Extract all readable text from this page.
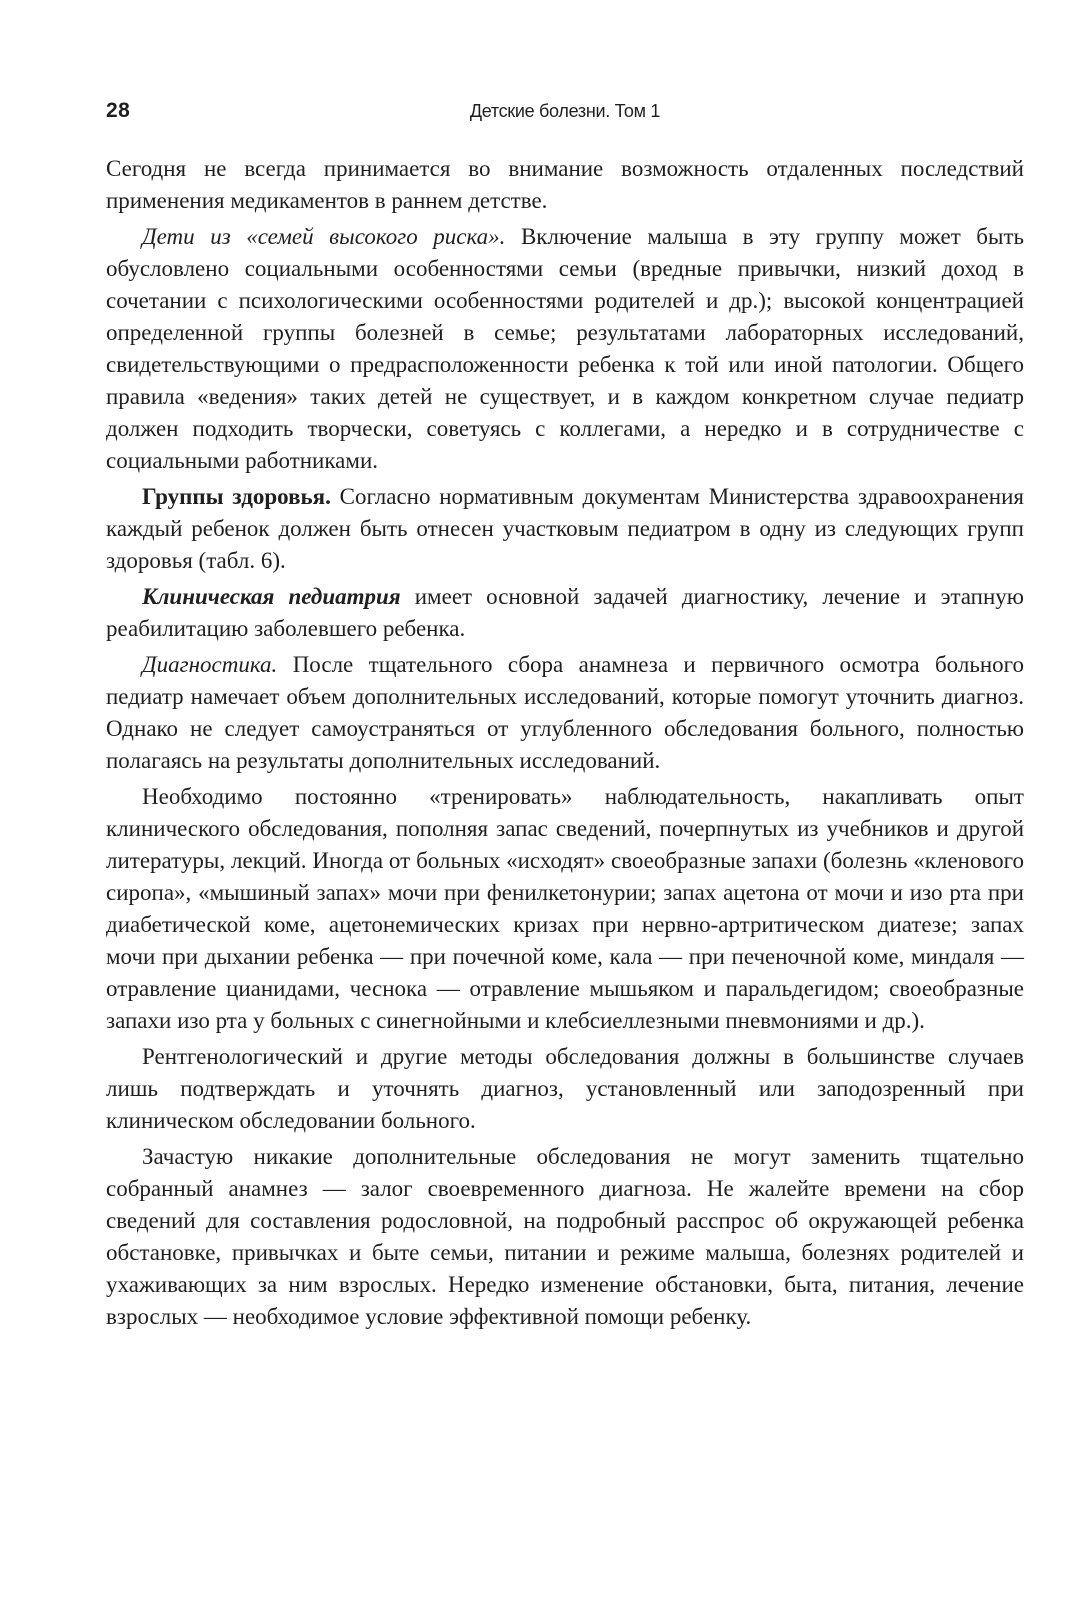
28	Детские болезни. Том 1

Сегодня не всегда принимается во внимание возможность отдаленных последствий применения медикаментов в раннем детстве.

Дети из «семей высокого риска». Включение малыша в эту группу может быть обусловлено социальными особенностями семьи (вредные привычки, низкий доход в сочетании с психологическими особенностями родителей и др.); высокой концентрацией определенной группы болезней в семье; результатами лабораторных исследований, свидетельствующими о предрасположенности ребенка к той или иной патологии. Общего правила «ведения» таких детей не существует, и в каждом конкретном случае педиатр должен подходить творчески, советуясь с коллегами, а нередко и в сотрудничестве с социальными работниками.

Группы здоровья. Согласно нормативным документам Министерства здравоохранения каждый ребенок должен быть отнесен участковым педиатром в одну из следующих групп здоровья (табл. 6).

Клиническая педиатрия имеет основной задачей диагностику, лечение и этапную реабилитацию заболевшего ребенка.

Диагностика. После тщательного сбора анамнеза и первичного осмотра больного педиатр намечает объем дополнительных исследований, которые помогут уточнить диагноз. Однако не следует самоустраняться от углубленного обследования больного, полностью полагаясь на результаты дополнительных исследований.

Необходимо постоянно «тренировать» наблюдательность, накапливать опыт клинического обследования, пополняя запас сведений, почерпнутых из учебников и другой литературы, лекций. Иногда от больных «исходят» своеобразные запахи (болезнь «кленового сиропа», «мышиный запах» мочи при фенилкетонурии; запах ацетона от мочи и изо рта при диабетической коме, ацетонемических кризах при нервно-артритическом диатезе; запах мочи при дыхании ребенка — при почечной коме, кала — при печеночной коме, миндаля — отравление цианидами, чеснока — отравление мышьяком и паральдегидом; своеобразные запахи изо рта у больных с синегнойными и клебсиеллезными пневмониями и др.).

Рентгенологический и другие методы обследования должны в большинстве случаев лишь подтверждать и уточнять диагноз, установленный или заподозренный при клиническом обследовании больного.

Зачастую никакие дополнительные обследования не могут заменить тщательно собранный анамнез — залог своевременного диагноза. Не жалейте времени на сбор сведений для составления родословной, на подробный расспрос об окружающей ребенка обстановке, привычках и быте семьи, питании и режиме малыша, болезнях родителей и ухаживающих за ним взрослых. Нередко изменение обстановки, быта, питания, лечение взрослых — необходимое условие эффективной помощи ребенку.
